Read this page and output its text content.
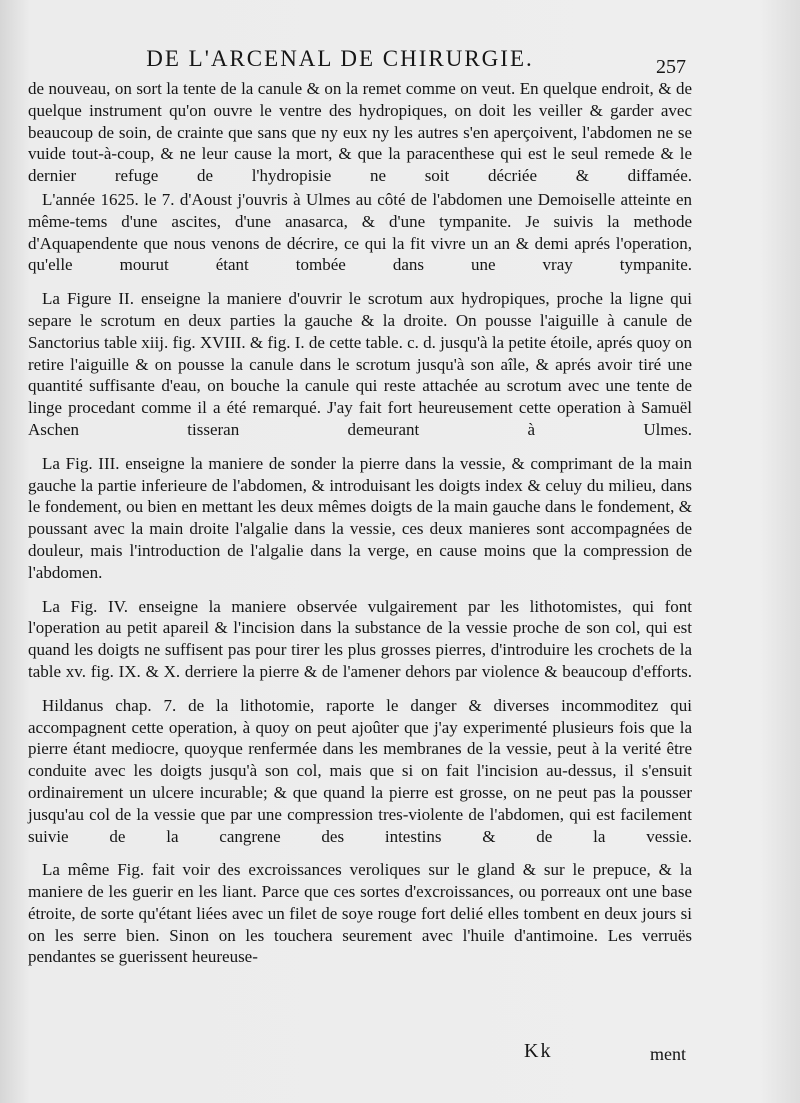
DE L'ARCENAL DE CHIRURGIE.	257

de nouveau, on sort la tente de la canule & on la remet comme on veut. En quelque endroit, & de quelque instrument qu'on ouvre le ventre des hydropiques, on doit les veiller & garder avec beaucoup de soin, de crainte que sans que ny eux ny les autres s'en aperçoivent, l'abdomen ne se vuide tout-à-coup, & ne leur cause la mort, & que la paracenthese qui est le seul remede & le dernier refuge de l'hydropisie ne soit décriée & diffamée.

L'année 1625. le 7. d'Aoust j'ouvris à Ulmes au côté de l'abdomen une Demoiselle atteinte en même-tems d'une ascites, d'une anasarca, & d'une tympanite. Je suivis la methode d'Aquapendente que nous venons de décrire, ce qui la fit vivre un an & demi aprés l'operation, qu'elle mourut étant tombée dans une vray tympanite.

La Figure II. enseigne la maniere d'ouvrir le scrotum aux hydropiques, proche la ligne qui separe le scrotum en deux parties la gauche & la droite. On pousse l'aiguille à canule de Sanctorius table xiij. fig. XVIII. & fig. I. de cette table. c. d. jusqu'à la petite étoile, aprés quoy on retire l'aiguille & on pousse la canule dans le scrotum jusqu'à son aîle, & aprés avoir tiré une quantité suffisante d'eau, on bouche la canule qui reste attachée au scrotum avec une tente de linge procedant comme il a été remarqué. J'ay fait fort heureusement cette operation à Samuël Aschen tisseran demeurant à Ulmes.

La Fig. III. enseigne la maniere de sonder la pierre dans la vessie, & comprimant de la main gauche la partie inferieure de l'abdomen, & introduisant les doigts index & celuy du milieu, dans le fondement, ou bien en mettant les deux mêmes doigts de la main gauche dans le fondement, & poussant avec la main droite l'algalie dans la vessie, ces deux manieres sont accompagnées de douleur, mais l'introduction de l'algalie dans la verge, en cause moins que la compression de l'abdomen.

La Fig. IV. enseigne la maniere observée vulgairement par les lithotomistes, qui font l'operation au petit apareil & l'incision dans la substance de la vessie proche de son col, qui est quand les doigts ne suffisent pas pour tirer les plus grosses pierres, d'introduire les crochets de la table xv. fig. IX. & X. derriere la pierre & de l'amener dehors par violence & beaucoup d'efforts.

Hildanus chap. 7. de la lithotomie, raporte le danger & diverses incommoditez qui accompagnent cette operation, à quoy on peut ajoûter que j'ay experimenté plusieurs fois que la pierre étant mediocre, quoyque renfermée dans les membranes de la vessie, peut à la verité être conduite avec les doigts jusqu'à son col, mais que si on fait l'incision au-dessus, il s'ensuit ordinairement un ulcere incurable; & que quand la pierre est grosse, on ne peut pas la pousser jusqu'au col de la vessie que par une compression tres-violente de l'abdomen, qui est facilement suivie de la cangrene des intestins & de la vessie.

La même Fig. fait voir des excroissances veroliques sur le gland & sur le prepuce, & la maniere de les guerir en les liant. Parce que ces sortes d'excroissances, ou porreaux ont une base étroite, de sorte qu'étant liées avec un filet de soye rouge fort delié elles tombent en deux jours si on les serre bien. Sinon on les touchera seurement avec l'huile d'antimoine. Les verruës pendantes se guerissent heureuse-

Kk	ment
